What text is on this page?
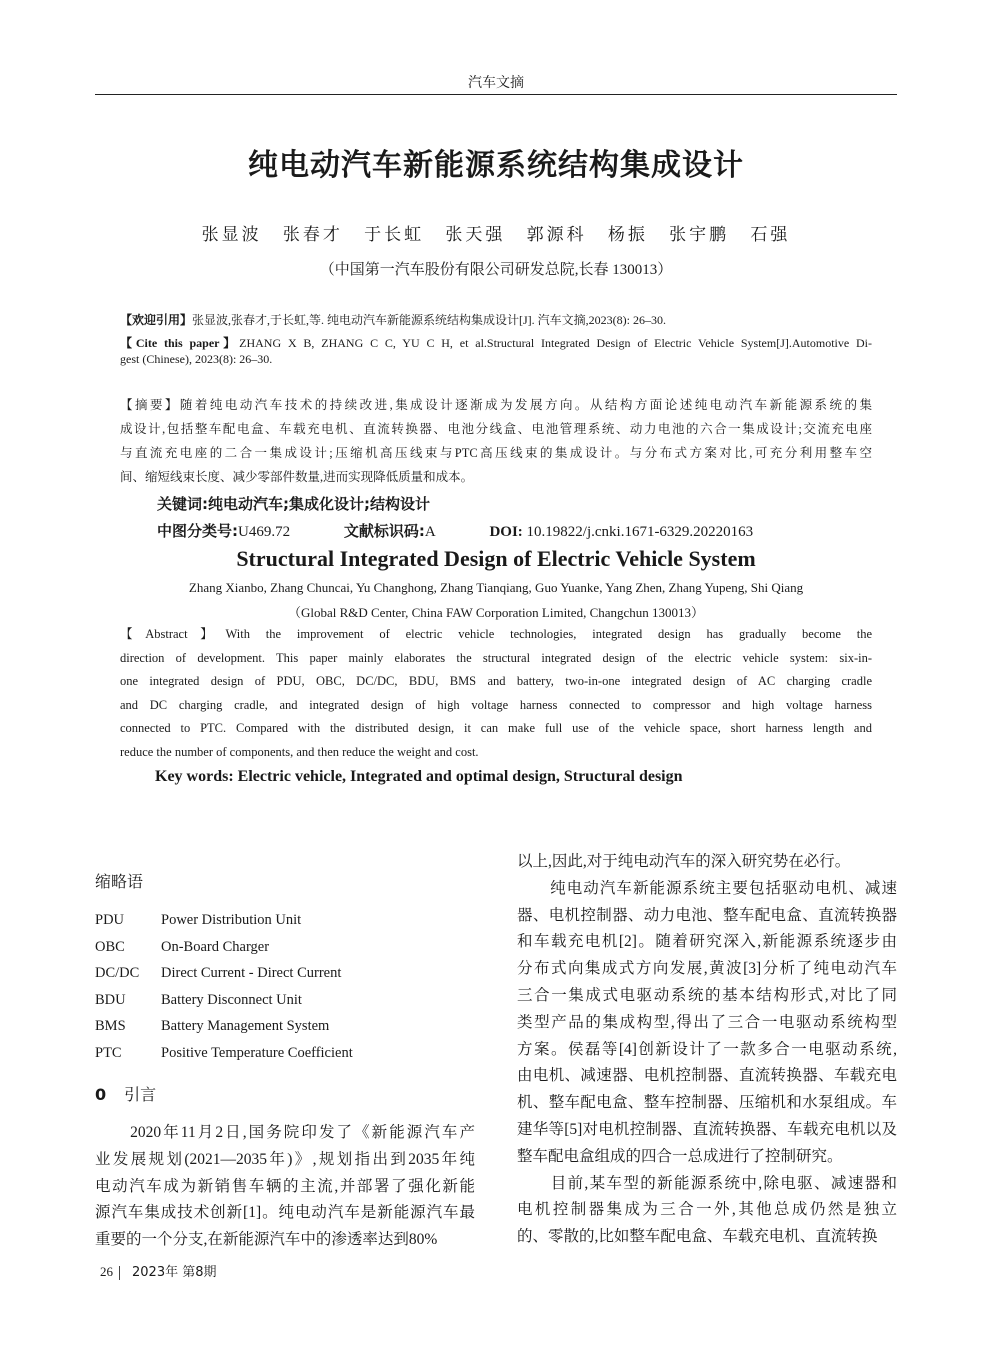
汽车文摘
纯电动汽车新能源系统结构集成设计
张显波 张春才 于长虹 张天强 郭源科 杨振 张宇鹏 石强
（中国第一汽车股份有限公司研发总院,长春 130013）
【欢迎引用】张显波,张春才,于长虹,等. 纯电动汽车新能源系统结构集成设计[J]. 汽车文摘,2023(8): 26–30.
【Cite this paper】ZHANG X B, ZHANG C C, YU C H, et al.Structural Integrated Design of Electric Vehicle System[J].Automotive Di-
gest (Chinese), 2023(8): 26–30.
【摘要】随着纯电动汽车技术的持续改进,集成设计逐渐成为发展方向。从结构方面论述纯电动汽车新能源系统的集
成设计,包括整车配电盒、车载充电机、直流转换器、电池分线盒、电池管理系统、动力电池的六合一集成设计;交流充电座
与直流充电座的二合一集成设计;压缩机高压线束与PTC高压线束的集成设计。与分布式方案对比,可充分利用整车空
间、缩短线束长度、减少零部件数量,进而实现降低质量和成本。
关键词:纯电动汽车;集成化设计;结构设计
中图分类号:U469.72	文献标识码:A	DOI: 10.19822/j.cnki.1671-6329.20220163
Structural Integrated Design of Electric Vehicle System
Zhang Xianbo, Zhang Chuncai, Yu Changhong, Zhang Tianqiang, Guo Yuanke, Yang Zhen, Zhang Yupeng, Shi Qiang
（Global R&D Center, China FAW Corporation Limited, Changchun 130013）
【Abstract】With the improvement of electric vehicle technologies, integrated design has gradually become the
direction of development. This paper mainly elaborates the structural integrated design of the electric vehicle system: six-in-
one integrated design of PDU, OBC, DC/DC, BDU, BMS and battery, two-in-one integrated design of AC charging cradle
and DC charging cradle, and integrated design of high voltage harness connected to compressor and high voltage harness
connected to PTC. Compared with the distributed design, it can make full use of the vehicle space, short harness length and
reduce the number of components, and then reduce the weight and cost.
Key words: Electric vehicle, Integrated and optimal design, Structural design
缩略语
PDU	Power Distribution Unit
OBC	On-Board Charger
DC/DC	Direct Current - Direct Current
BDU	Battery Disconnect Unit
BMS	Battery Management System
PTC	Positive Temperature Coefficient
0 引言
　　2020年11月2日,国务院印发了《新能源汽车产
业发展规划(2021—2035年)》,规划指出到2035年纯
电动汽车成为新销售车辆的主流,并部署了强化新能
源汽车集成技术创新[1]。纯电动汽车是新能源汽车最
重要的一个分支,在新能源汽车中的渗透率达到80%
以上,因此,对于纯电动汽车的深入研究势在必行。
　　纯电动汽车新能源系统主要包括驱动电机、减速
器、电机控制器、动力电池、整车配电盒、直流转换器
和车载充电机[2]。随着研究深入,新能源系统逐步由
分布式向集成式方向发展,黄波[3]分析了纯电动汽车
三合一集成式电驱动系统的基本结构形式,对比了同
类型产品的集成构型,得出了三合一电驱动系统构型
方案。侯磊等[4]创新设计了一款多合一电驱动系统,
由电机、减速器、电机控制器、直流转换器、车载充电
机、整车配电盒、整车控制器、压缩机和水泵组成。车
建华等[5]对电机控制器、直流转换器、车载充电机以及
整车配电盒组成的四合一总成进行了控制研究。
　　目前,某车型的新能源系统中,除电驱、减速器和
电机控制器集成为三合一外,其他总成仍然是独立
的、零散的,比如整车配电盒、车载充电机、直流转换
26 2023年 第8期
